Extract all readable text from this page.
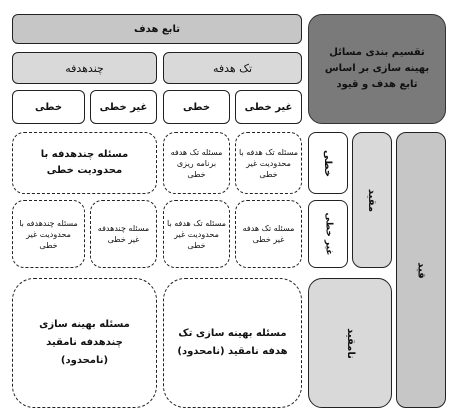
تقسیم بندی مسائل بهینه سازی بر اساس تابع هدف و قیود
تابع هدف
تک هدفه
چندهدفه
غیر خطی
خطی
غیر خطی
خطی
قید
مقید
نامقید
خطی
غیر خطی
مسئله تک هدفه با محدودیت غیر خطی
مسئله تک هدفه برنامه ریزی خطی
مسئله چندهدفه با محدودیت خطی
مسئله تک هدفه غیر خطی
مسئله تک هدفه با محدودیت غیر خطی
مسئله چندهدفه غیر خطی
مسئله چندهدفه با محدودیت غیر خطی
مسئله بهینه سازی تک هدفه نامقید (نامحدود)
مسئله بهینه سازی چندهدفه نامقید (نامحدود)
